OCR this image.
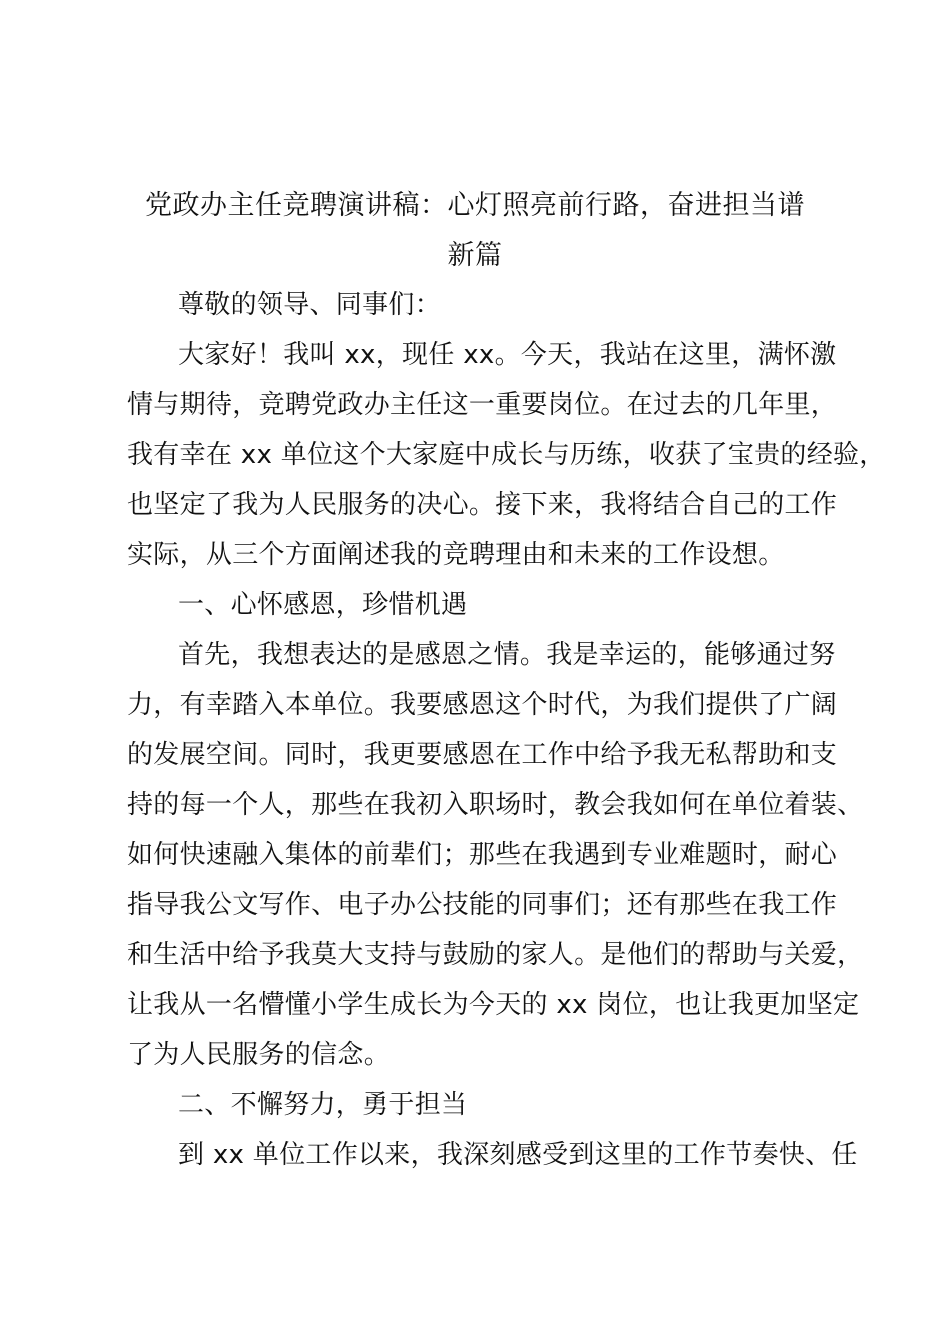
党政办主任竞聘演讲稿：心灯照亮前行路，奋进担当谱
新篇
尊敬的领导、同事们：
大家好！我叫 xx，现任 xx。今天，我站在这里，满怀激
情与期待，竞聘党政办主任这一重要岗位。在过去的几年里，
我有幸在 xx 单位这个大家庭中成长与历练，收获了宝贵的经验，
也坚定了我为人民服务的决心。接下来，我将结合自己的工作
实际，从三个方面阐述我的竞聘理由和未来的工作设想。
一、心怀感恩，珍惜机遇
首先，我想表达的是感恩之情。我是幸运的，能够通过努
力，有幸踏入本单位。我要感恩这个时代，为我们提供了广阔
的发展空间。同时，我更要感恩在工作中给予我无私帮助和支
持的每一个人，那些在我初入职场时，教会我如何在单位着装、
如何快速融入集体的前辈们；那些在我遇到专业难题时，耐心
指导我公文写作、电子办公技能的同事们；还有那些在我工作
和生活中给予我莫大支持与鼓励的家人。是他们的帮助与关爱，
让我从一名懵懂小学生成长为今天的 xx 岗位，也让我更加坚定
了为人民服务的信念。
二、不懈努力，勇于担当
到 xx 单位工作以来，我深刻感受到这里的工作节奏快、任
